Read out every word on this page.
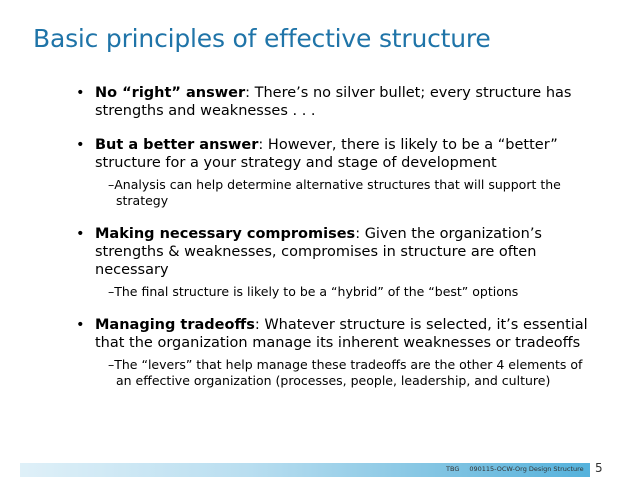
Basic principles of effective structure
• No “right” answer: There’s no silver bullet; every structure has strengths and weaknesses . . .
• But a better answer: However, there is likely to be a “better” structure for a your strategy and stage of development
–Analysis can help determine alternative structures that will support the strategy
• Making necessary compromises: Given the organization’s strengths & weaknesses, compromises in structure are often necessary
–The final structure is likely to be a “hybrid” of the “best” options
• Managing tradeoffs: Whatever structure is selected, it’s essential that the organization manage its inherent weaknesses or tradeoffs
–The “levers” that help manage these tradeoffs are the other 4 elements of an effective organization (processes, people, leadership, and culture)
TBG 090115-OCW-Org Design Structure 5
